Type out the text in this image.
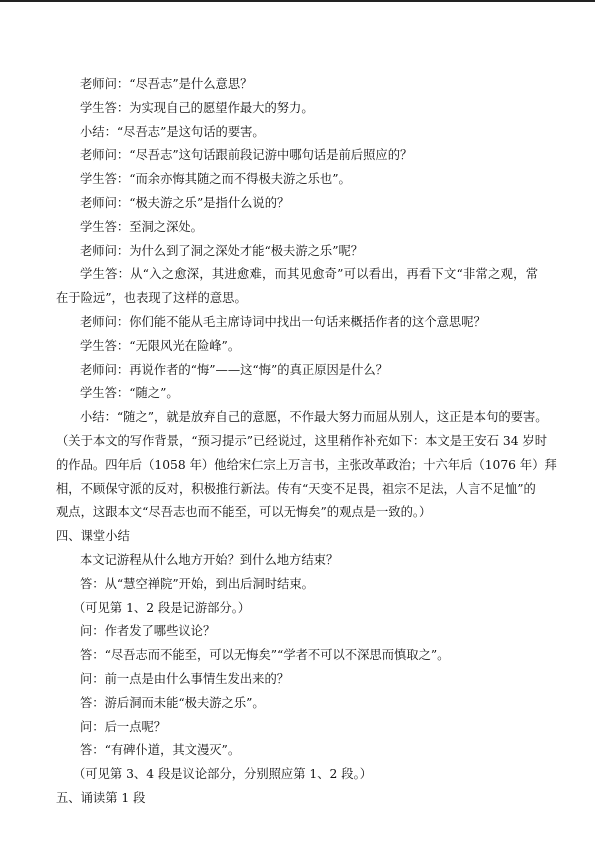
老师问：“尽吾志”是什么意思？

学生答：为实现自己的愿望作最大的努力。

小结：“尽吾志”是这句话的要害。

老师问：“尽吾志”这句话跟前段记游中哪句话是前后照应的？

学生答：“而余亦悔其随之而不得极夫游之乐也”。

老师问：“极夫游之乐”是指什么说的？

学生答：至洞之深处。

老师问：为什么到了洞之深处才能“极夫游之乐”呢？

学生答：从“入之愈深，其进愈难，而其见愈奇”可以看出，再看下文“非常之观，常

在于险远”，也表现了这样的意思。

老师问：你们能不能从毛主席诗词中找出一句话来概括作者的这个意思呢？

学生答：“无限风光在险峰”。

老师问：再说作者的“悔”——这“悔”的真正原因是什么？

学生答：“随之”。

小结：“随之”，就是放弃自己的意愿，不作最大努力而屈从别人，这正是本句的要害。

（关于本文的写作背景，“预习提示”已经说过，这里稍作补充如下：本文是王安石 34 岁时

的作品。四年后（1058 年）他给宋仁宗上万言书，主张改革政治；十六年后（1076 年）拜

相，不顾保守派的反对，积极推行新法。传有“天变不足畏，祖宗不足法，人言不足恤”的

观点，这跟本文“尽吾志也而不能至，可以无悔矣”的观点是一致的。）

四、课堂小结

本文记游程从什么地方开始？到什么地方结束？

答：从“慧空禅院”开始，到出后洞时结束。

（可见第 1、2 段是记游部分。）

问：作者发了哪些议论？

答：“尽吾志而不能至，可以无悔矣”“学者不可以不深思而慎取之”。

问：前一点是由什么事情生发出来的？

答：游后洞而未能“极夫游之乐”。

问：后一点呢？

答：“有碑仆道，其文漫灭”。

（可见第 3、4 段是议论部分，分别照应第 1、2 段。）

五、诵读第 1 段
